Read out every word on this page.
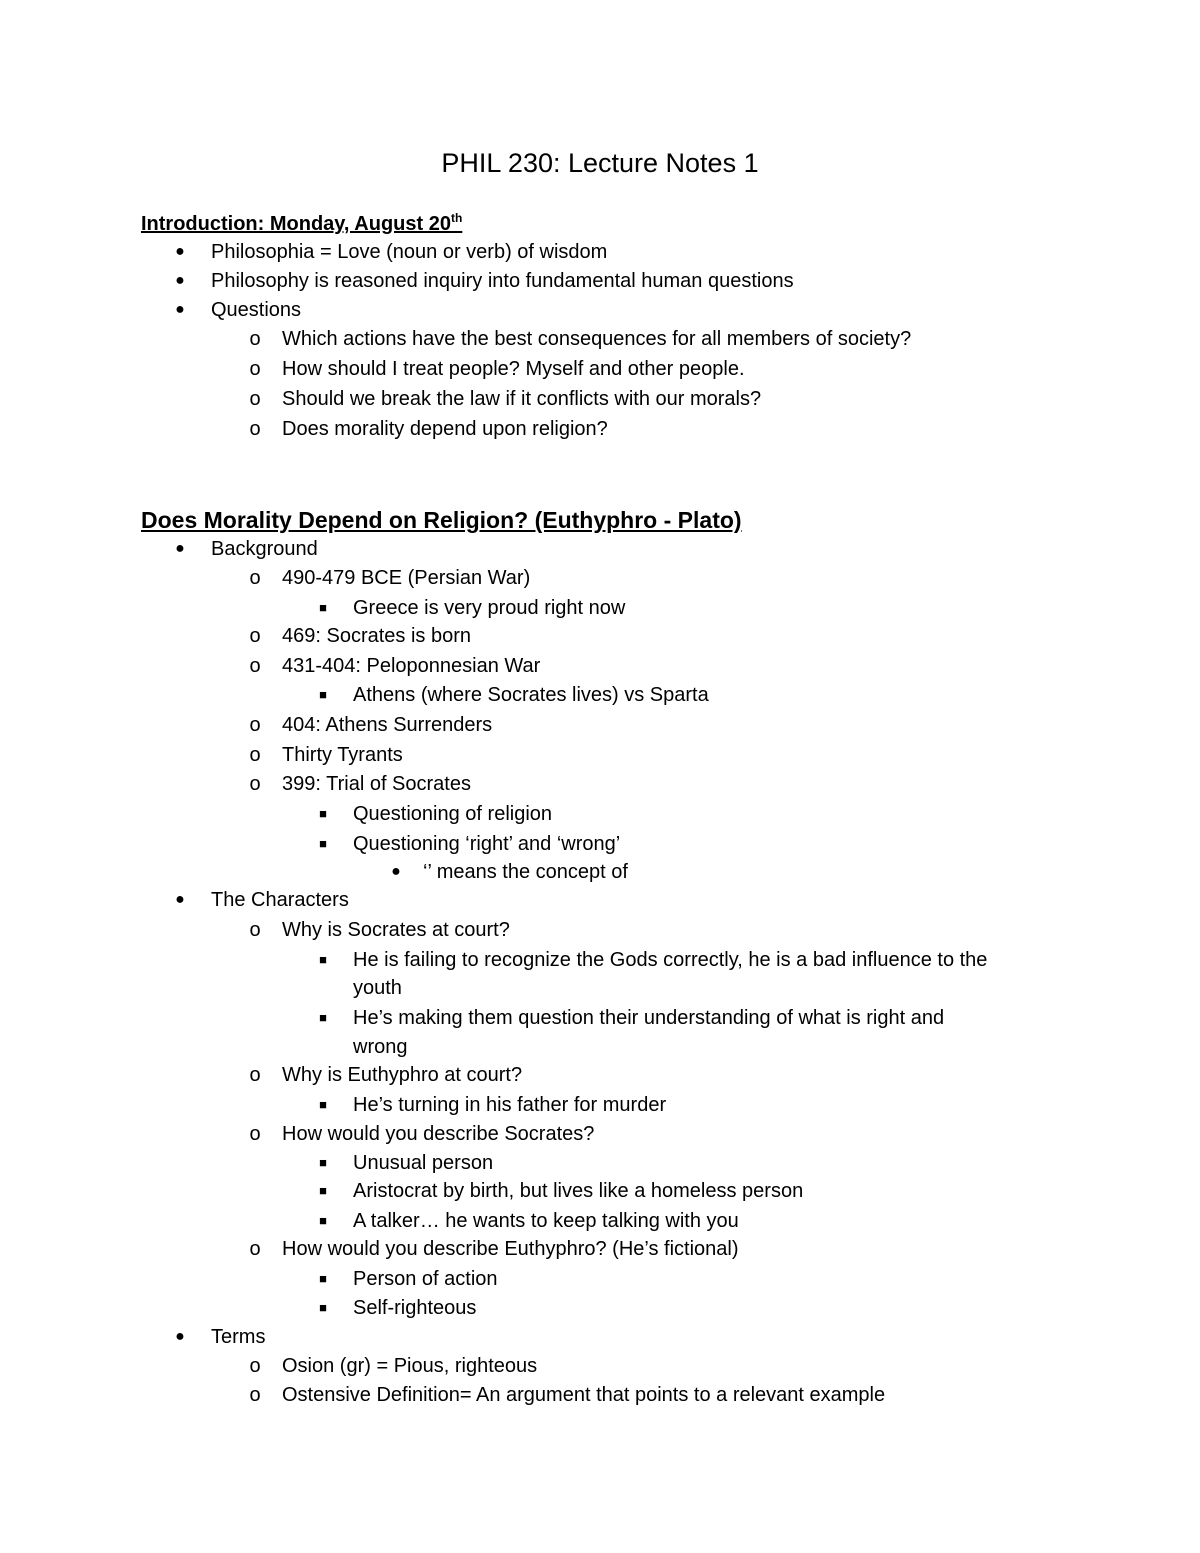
PHIL 230: Lecture Notes 1
Introduction: Monday, August 20th
● Philosophia = Love (noun or verb) of wisdom
● Philosophy is reasoned inquiry into fundamental human questions
● Questions
o Which actions have the best consequences for all members of society?
o How should I treat people? Myself and other people.
o Should we break the law if it conflicts with our morals?
o Does morality depend upon religion?
Does Morality Depend on Religion? (Euthyphro - Plato)
● Background
o 490-479 BCE (Persian War)
■	Greece is very proud right now
o 469: Socrates is born
o 431-404: Peloponnesian War
■	Athens (where Socrates lives) vs Sparta
o 404: Athens Surrenders
o Thirty Tyrants
o 399: Trial of Socrates
■	Questioning of religion
■	Questioning ‘right’ and ‘wrong’
● ‘’ means the concept of
● The Characters
o Why is Socrates at court?
■	He is failing to recognize the Gods correctly, he is a bad influence to the
youth
■	He’s making them question their understanding of what is right and
wrong
o Why is Euthyphro at court?
■	He’s turning in his father for murder
o How would you describe Socrates?
■	Unusual person
■	Aristocrat by birth, but lives like a homeless person
■	A talker… he wants to keep talking with you
o How would you describe Euthyphro? (He’s fictional)
■	Person of action
■	Self-righteous
● Terms
o Osion (gr) = Pious, righteous
o Ostensive Definition= An argument that points to a relevant example
